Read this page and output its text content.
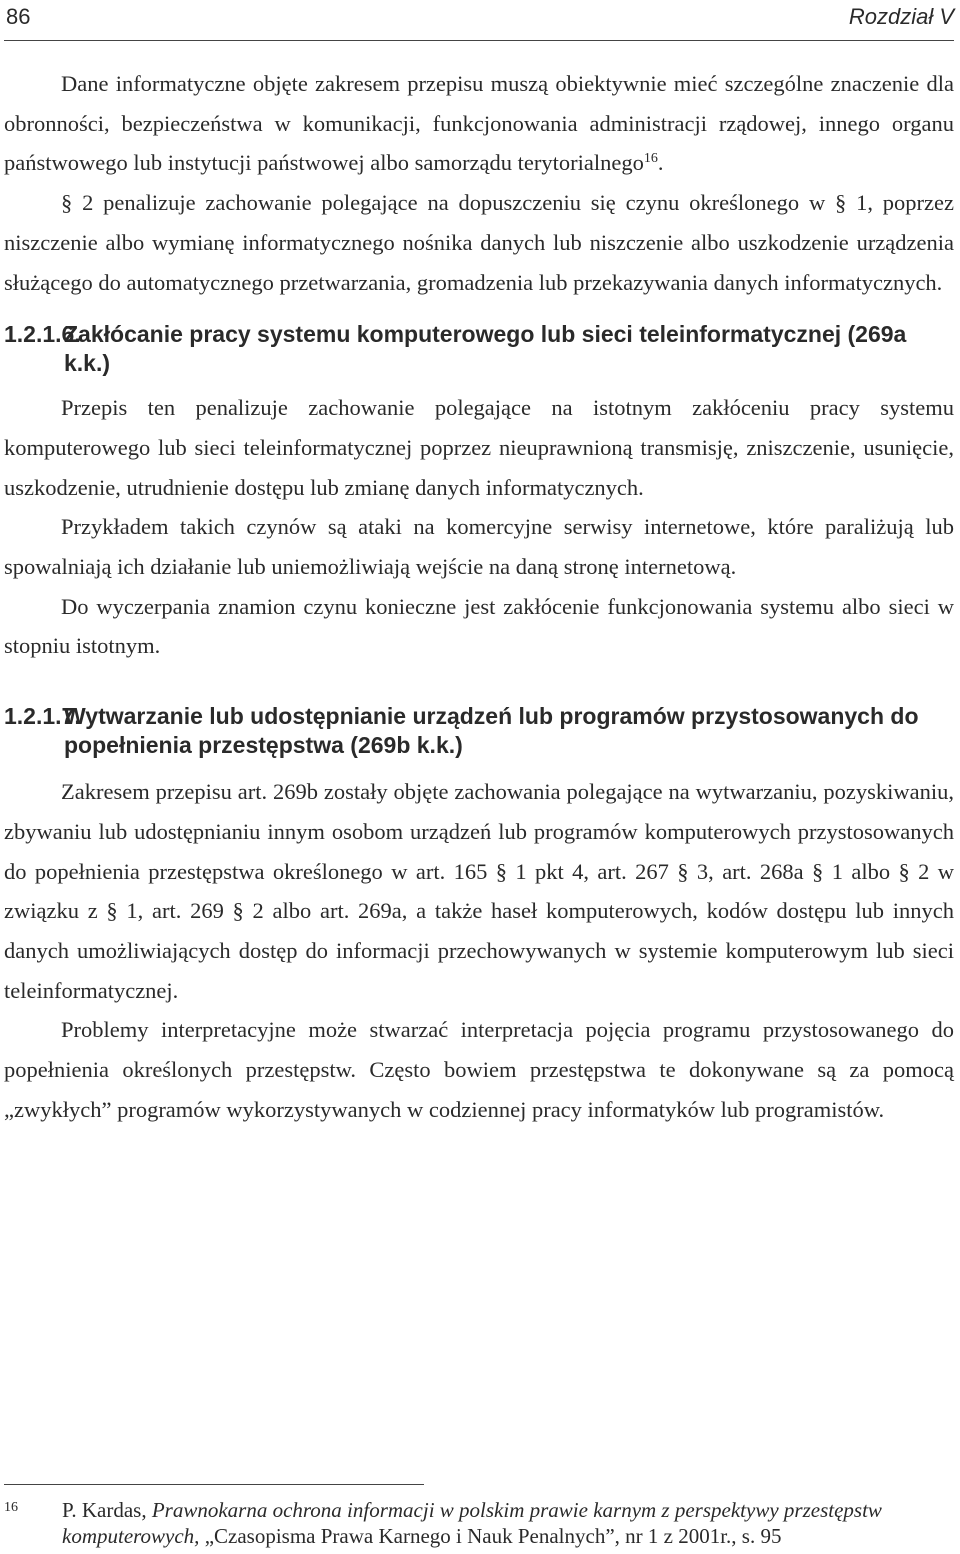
86	Rozdział V

Dane informatyczne objęte zakresem przepisu muszą obiektywnie mieć szczególne znaczenie dla obronności, bezpieczeństwa w komunikacji, funkcjonowania administracji rządowej, innego organu państwowego lub instytucji państwowej albo samorządu terytorialnego$^{16}$.

§ 2 penalizuje zachowanie polegające na dopuszczeniu się czynu określonego w § 1, poprzez niszczenie albo wymianę informatycznego nośnika danych lub niszczenie albo uszkodzenie urządzenia służącego do automatycznego przetwarzania, gromadzenia lub przekazywania danych informatycznych.

1.2.1.6.Zakłócanie pracy systemu komputerowego lub sieci teleinformatycznej (269a k.k.)

Przepis ten penalizuje zachowanie polegające na istotnym zakłóceniu pracy systemu komputerowego lub sieci teleinformatycznej poprzez nieuprawnioną transmisję, zniszczenie, usunięcie, uszkodzenie, utrudnienie dostępu lub zmianę danych informatycznych.

Przykładem takich czynów są ataki na komercyjne serwisy internetowe, które paraliżują lub spowalniają ich działanie lub uniemożliwiają wejście na daną stronę internetową.

Do wyczerpania znamion czynu konieczne jest zakłócenie funkcjonowania systemu albo sieci w stopniu istotnym.

1.2.1.7.Wytwarzanie lub udostępnianie urządzeń lub programów przystosowanych do popełnienia przestępstwa (269b k.k.)

Zakresem przepisu art. 269b zostały objęte zachowania polegające na wytwarzaniu, pozyskiwaniu, zbywaniu lub udostępnianiu innym osobom urządzeń lub programów komputerowych przystosowanych do popełnienia przestępstwa określonego w art. 165 § 1 pkt 4, art. 267 § 3, art. 268a § 1 albo § 2 w związku z § 1, art. 269 § 2 albo art. 269a, a także haseł komputerowych, kodów dostępu lub innych danych umożliwiających dostęp do informacji przechowywanych w systemie komputerowym lub sieci teleinformatycznej.

Problemy interpretacyjne może stwarzać interpretacja pojęcia programu przystosowanego do popełnienia określonych przestępstw. Często bowiem przestępstwa te dokonywane są za pomocą „zwykłych” programów wykorzystywanych w codziennej pracy informatyków lub programistów.

16 P. Kardas, Prawnokarna ochrona informacji w polskim prawie karnym z perspektywy przestępstw komputerowych, „Czasopisma Prawa Karnego i Nauk Penalnych”, nr 1 z 2001r., s. 95
